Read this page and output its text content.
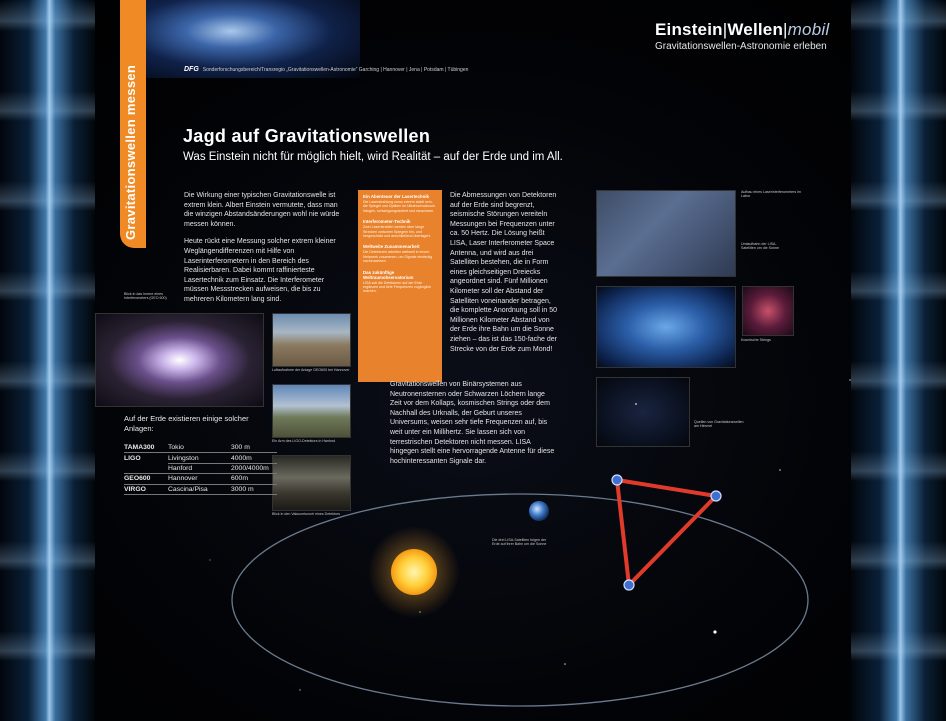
Gravitationswellen messen	DFG Sonderforschungsbereich/Transregio „Gravitationswellen-Astronomie“ Garching | Hannover | Jena | Potsdam | Tübingen
Einstein|Wellen|mobil
Gravitationswellen-Astronomie erleben
Jagd auf Gravitationswellen
Was Einstein nicht für möglich hielt, wird Realität – auf der Erde und im All.

Die Wirkung einer typischen Gravitationswelle ist extrem klein. Albert Einstein vermutete, dass man die winzigen Abstandsänderungen wohl nie würde messen können.

Heute rückt eine Messung solcher extrem kleiner Weglängendifferenzen mit Hilfe von Laserinterferometern in den Bereich des Realisierbaren. Dabei kommt raffinierteste Lasertechnik zum Einsatz. Die Interferometer müssen Messstrecken aufweisen, die bis zu mehreren Kilometern lang sind.

Ein Abenteuer der Lasertechnik
Die Laserstrahlung muss extrem stabil sein, die Spiegel und Optiken im Ultrahochvakuum hängen, schwingungsisoliert und rauscharm.
Interferometer-Technik
Zwei Laserstrahlen werden über lange Strecken zwischen Spiegeln hin- und hergeschickt und anschließend überlagert.
Weltweite Zusammenarbeit
Die Detektoren arbeiten weltweit in einem Netzwerk zusammen, um Signale eindeutig nachzuweisen.
Das zukünftige Weltraumobservatorium
LISA soll die Detektoren auf der Erde ergänzen und tiefe Frequenzen zugänglich machen.

Die Abmessungen von Detektoren auf der Erde sind begrenzt, seismische Störungen vereiteln Messungen bei Frequenzen unter ca. 50 Hertz. Die Lösung heißt LISA, Laser Interferometer Space Antenna, und wird aus drei Satelliten bestehen, die in Form eines gleichseitigen Dreiecks angeordnet sind. Fünf Millionen Kilometer soll der Abstand der Satelliten voneinander betragen, die komplette Anordnung soll in 50 Millionen Kilometer Abstand von der Erde ihre Bahn um die Sonne ziehen – das ist das 150-fache der Strecke von der Erde zum Mond!

Gravitationswellen von Binärsystemen aus Neutronensternen oder Schwarzen Löchern lange Zeit vor dem Kollaps, kosmischen Strings oder dem Nachhall des Urknalls, der Geburt unseres Universums, weisen sehr tiefe Frequenzen auf, bis weit unter ein Millihertz. Sie lassen sich von terrestrischen Detektoren nicht messen. LISA hingegen stellt eine hervorragende Antenne für diese hochinteressanten Signale dar.

Blick in das Innere eines Interferometers (GEO 600)
Luftaufnahme der Anlage GEO600 bei Hannover
Ein Arm des LIGO-Detektors in Hanford
Blick in den Vakuumtunnel eines Detektors
Auf der Erde existieren einige solcher Anlagen:
TAMA300	Tokio	300 m
LIGO	Livingston	4000m
	Hanford	2000/4000m
GEO600	Hannover	600m
VIRGO	Cascina/Pisa	3000 m
Aufbau eines Laserinterferometers im Labor
Umlaufbahn der LISA-Satelliten um die Sonne
Kosmische Strings
Quellen von Gravitationswellen am Himmel
Die drei LISA-Satelliten folgen der Erde auf ihrer Bahn um die Sonne
